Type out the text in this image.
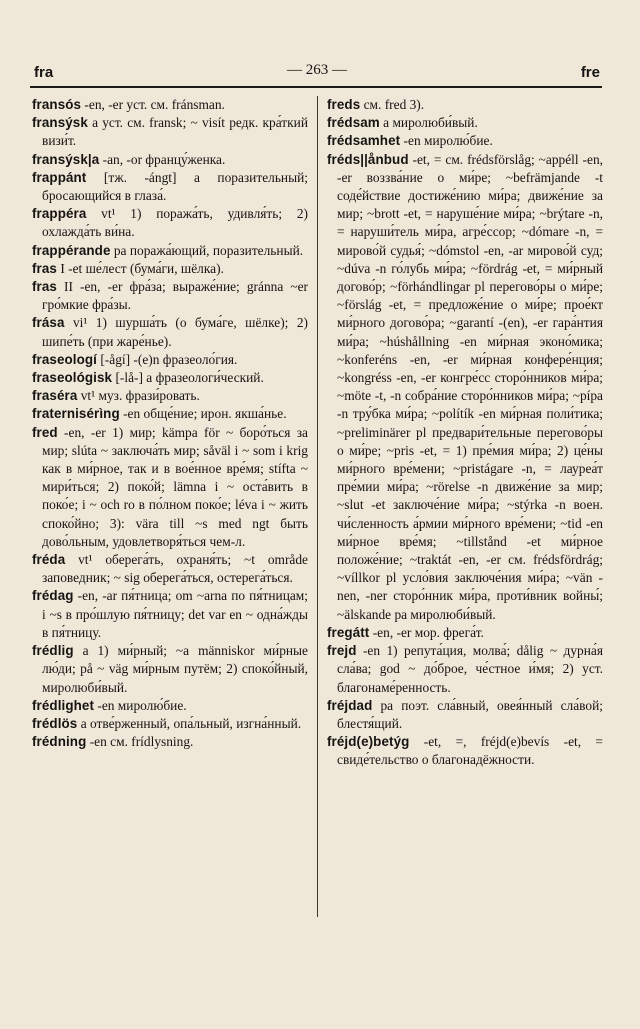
fra	— 263 —	fre

fransós -en, -er уст. см. fránsman.

fransýsk а уст. см. fransk; ~ visít редк. кра́ткий визи́т.

fransýsk|a -an, -or францу́женка.

frappánt [тж. -ángt] а поразительный; бросающийся в глаза́.

frappéra vt¹ 1) поража́ть, удивля́ть; 2) охлажда́ть ви́на.

frappérande pa поража́ющий, поразительный.

fras I -et ше́лест (бума́ги, шёлка).

fras II -en, -er фра́за; выраже́ние; gránna ~er гро́мкие фра́зы.

frása vi¹ 1) шурша́ть (о бума́ге, шёлке); 2) шипе́ть (при жаре́нье).

fraseologí [-ågí] -(e)n фразеоло́гия.

fraseológisk [-lå-] а фразеологи́ческий.

fraséra vt¹ муз. фрази́ровать.

fraternisérìng -en обще́ние; ирон. якша́нье.

fred -en, -er 1) мир; kämpa för ~ боро́ться за мир; slúta ~ заключа́ть мир; såväl i ~ som i krig как в ми́рное, так и в вое́нное вре́мя; stífta ~ мири́ться; 2) поко́й; lämna i ~ оста́вить в поко́е; i ~ och ro в по́лном поко́е; léva i ~ жить споко́йно; 3): vära till ~s med ngt быть дово́льным, удовлетворя́ться чем-л.

fréda vt¹ оберега́ть, охраня́ть; ~t område заповедник; ~ sig оберега́ться, остерега́ться.

frédag -en, -ar пя́тница; om ~arna по пя́тницам; i ~s в про́шлую пя́тницу; det var en ~ одна́жды в пя́тницу.

frédlig а 1) ми́рный; ~a människor ми́рные лю́ди; på ~ väg ми́рным путём; 2) споко́йный, миролюби́вый.

frédlighet -en миролю́бие.

frédlös а отве́рженный, опа́льный, изгна́нный.

frédning -en см. frídlysning.

freds см. fred 3).

frédsam а миролюби́вый.

frédsamhet -en миролю́бие.

fréds||ånbud -et, = см. frédsförslåg; ~appéll -en, -er воззва́ние о ми́ре; ~befrämjande -t соде́йствие достиже́нию ми́ра; движе́ние за мир; ~brott -et, = наруше́ние ми́ра; ~brýtare -n, = наруши́тель ми́ра, агре́ссор; ~dómare -n, = мирово́й судья́; ~dómstol -en, -ar мирово́й суд; ~dúva -n го́лубь ми́ра; ~fördrág -et, = ми́рный догово́р; ~förhándlingar pl перегово́ры о ми́ре; ~förslág -et, = предложе́ние о ми́ре; прое́кт ми́рного догово́ра; ~garantí -(en), -er гара́нтия ми́ра; ~húshållning -en ми́рная эконо́мика; ~konferéns -en, -er ми́рная конфере́нция; ~kongréss -en, -er конгре́сс сторо́нников ми́ра; ~möte -t, -n собра́ние сторо́нников ми́ра; ~pípa -n тру́бка ми́ра; ~polítík -en ми́рная поли́тика; ~preliminärer pl предвари́тельные перегово́ры о ми́ре; ~pris -et, = 1) пре́мия ми́ра; 2) це́ны ми́рного вре́мени; ~pristágare -n, = лауреа́т пре́мии ми́ра; ~rörelse -n движе́ние за мир; ~slut -et заключе́ние ми́ра; ~stýrka -n воен. чи́сленность а́рмии ми́рного вре́мени; ~tid -en ми́рное вре́мя; ~tillstånd -et ми́рное положе́ние; ~traktát -en, -er см. frédsfördrág; ~víllkor pl усло́вия заключе́ния ми́ра; ~vän -nen, -ner сторо́нник ми́ра, проти́вник войны́; ~älskande pa миролюби́вый.

fregátt -en, -er мор. фрега́т.

frejd -en 1) репута́ция, молва́; dålig ~ дурна́я сла́ва; god ~ до́брое, че́стное и́мя; 2) уст. благонаме́ренность.

fréjdad pa поэт. сла́вный, овея́нный сла́вой; блестя́щий.

fréjd(e)betýg -et, =, fréjd(e)bevís -et, = свиде́тельство о благонадёжности.
